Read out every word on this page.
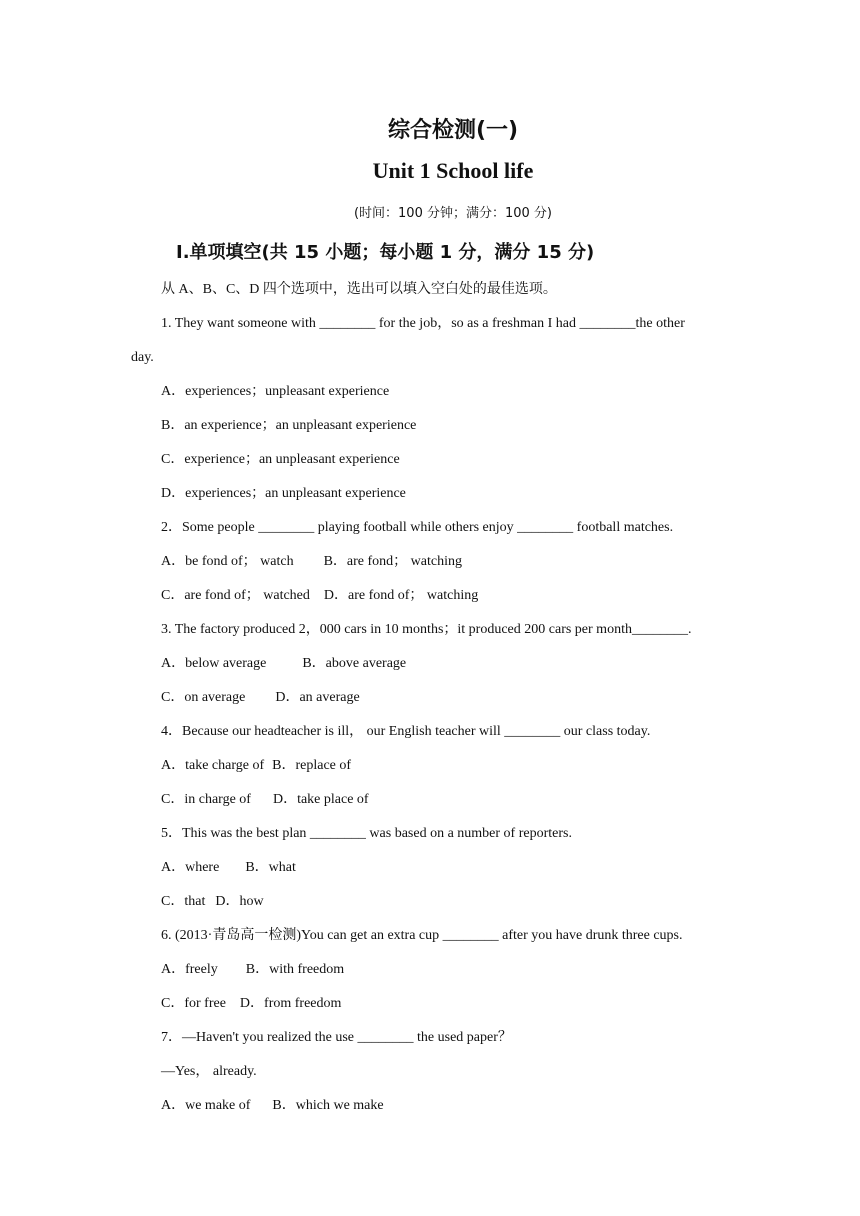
综合检测(一)
Unit 1 School life
(时间：100 分钟；满分：100 分)
Ⅰ.单项填空(共 15 小题；每小题 1 分，满分 15 分)
从 A、B、C、D 四个选项中，选出可以填入空白处的最佳选项。
1. They want someone with ________ for the job，so as a freshman I had ________the other
day.
A．experiences；unpleasant experience
B．an experience；an unpleasant experience
C．experience；an unpleasant experience
D．experiences；an unpleasant experience
2．Some people ________ playing football while others enjoy ________ football matches.
A．be fond of； watch B．are fond； watching
C．are fond of； watched D．are fond of； watching
3. The factory produced 2，000 cars in 10 months；it produced 200 cars per month________.
A．below average	B．above average
C．on average D．an average
4．Because our headteacher is ill， our English teacher will ________ our class today.
A．take charge of B．replace of
C．in charge of D．take place of
5．This was the best plan ________ was based on a number of reporters.
A．where B．what
C．that D．how
6. (2013·青岛高一检测)You can get an extra cup ________ after you have drunk three cups.
A．freely B．with freedom
C．for free D．from freedom
7．—Haven't you realized the use ________ the used paper？
—Yes， already.
A．we make of B．which we make
